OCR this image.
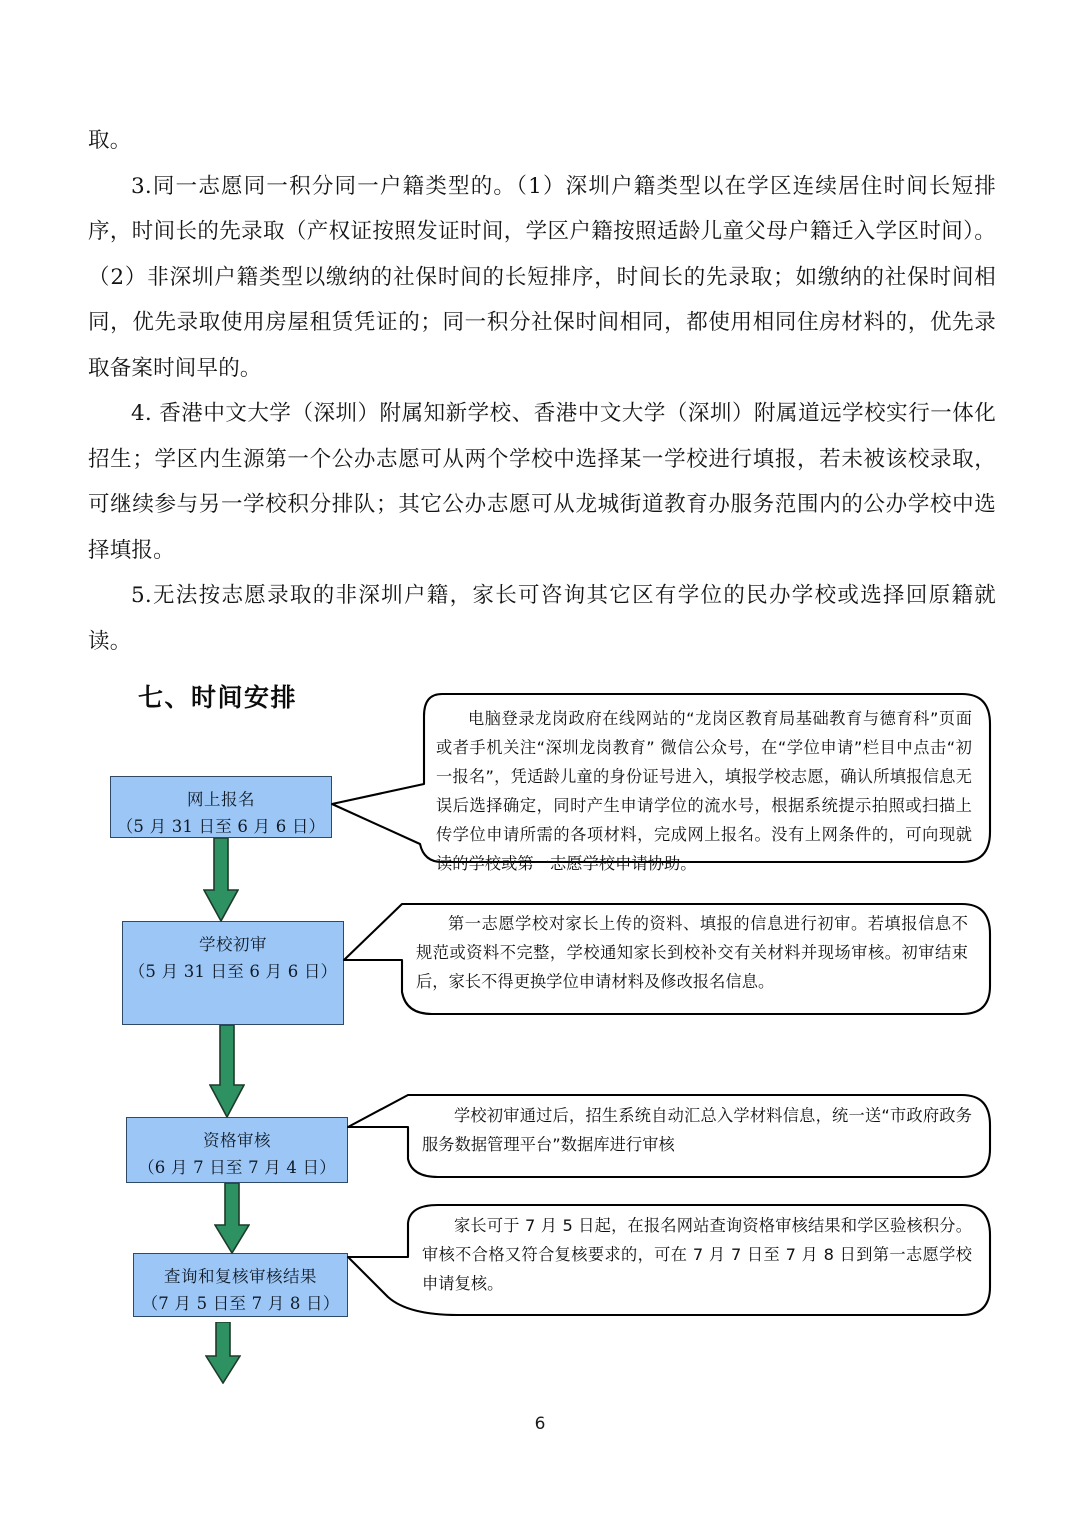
取。

3.同一志愿同一积分同一户籍类型的。（1）深圳户籍类型以在学区连续居住时间长短排序，时间长的先录取（产权证按照发证时间，学区户籍按照适龄儿童父母户籍迁入学区时间）。（2）非深圳户籍类型以缴纳的社保时间的长短排序，时间长的先录取；如缴纳的社保时间相同，优先录取使用房屋租赁凭证的；同一积分社保时间相同，都使用相同住房材料的，优先录取备案时间早的。

4. 香港中文大学（深圳）附属知新学校、香港中文大学（深圳）附属道远学校实行一体化招生；学区内生源第一个公办志愿可从两个学校中选择某一学校进行填报，若未被该校录取，可继续参与另一学校积分排队；其它公办志愿可从龙城街道教育办服务范围内的公办学校中选择填报。

5.无法按志愿录取的非深圳户籍，家长可咨询其它区有学位的民办学校或选择回原籍就读。

七、时间安排
网上报名
（5 月 31 日至 6 月 6 日）
学校初审
（5 月 31 日至 6 月 6 日）
资格审核
（6 月 7 日至 7 月 4 日）
查询和复核审核结果
（7 月 5 日至 7 月 8 日）
电脑登录龙岗政府在线网站的“龙岗区教育局基础教育与德育科”页面或者手机关注“深圳龙岗教育” 微信公众号，在“学位申请”栏目中点击“初一报名”，凭适龄儿童的身份证号进入，填报学校志愿，确认所填报信息无误后选择确定，同时产生申请学位的流水号，根据系统提示拍照或扫描上传学位申请所需的各项材料，完成网上报名。没有上网条件的，可向现就读的学校或第一志愿学校申请协助。
第一志愿学校对家长上传的资料、填报的信息进行初审。若填报信息不规范或资料不完整，学校通知家长到校补交有关材料并现场审核。初审结束后，家长不得更换学位申请材料及修改报名信息。
学校初审通过后，招生系统自动汇总入学材料信息，统一送“市政府政务服务数据管理平台”数据库进行审核
家长可于 7 月 5 日起，在报名网站查询资格审核结果和学区验核积分。审核不合格又符合复核要求的，可在 7 月 7 日至 7 月 8 日到第一志愿学校申请复核。
6
